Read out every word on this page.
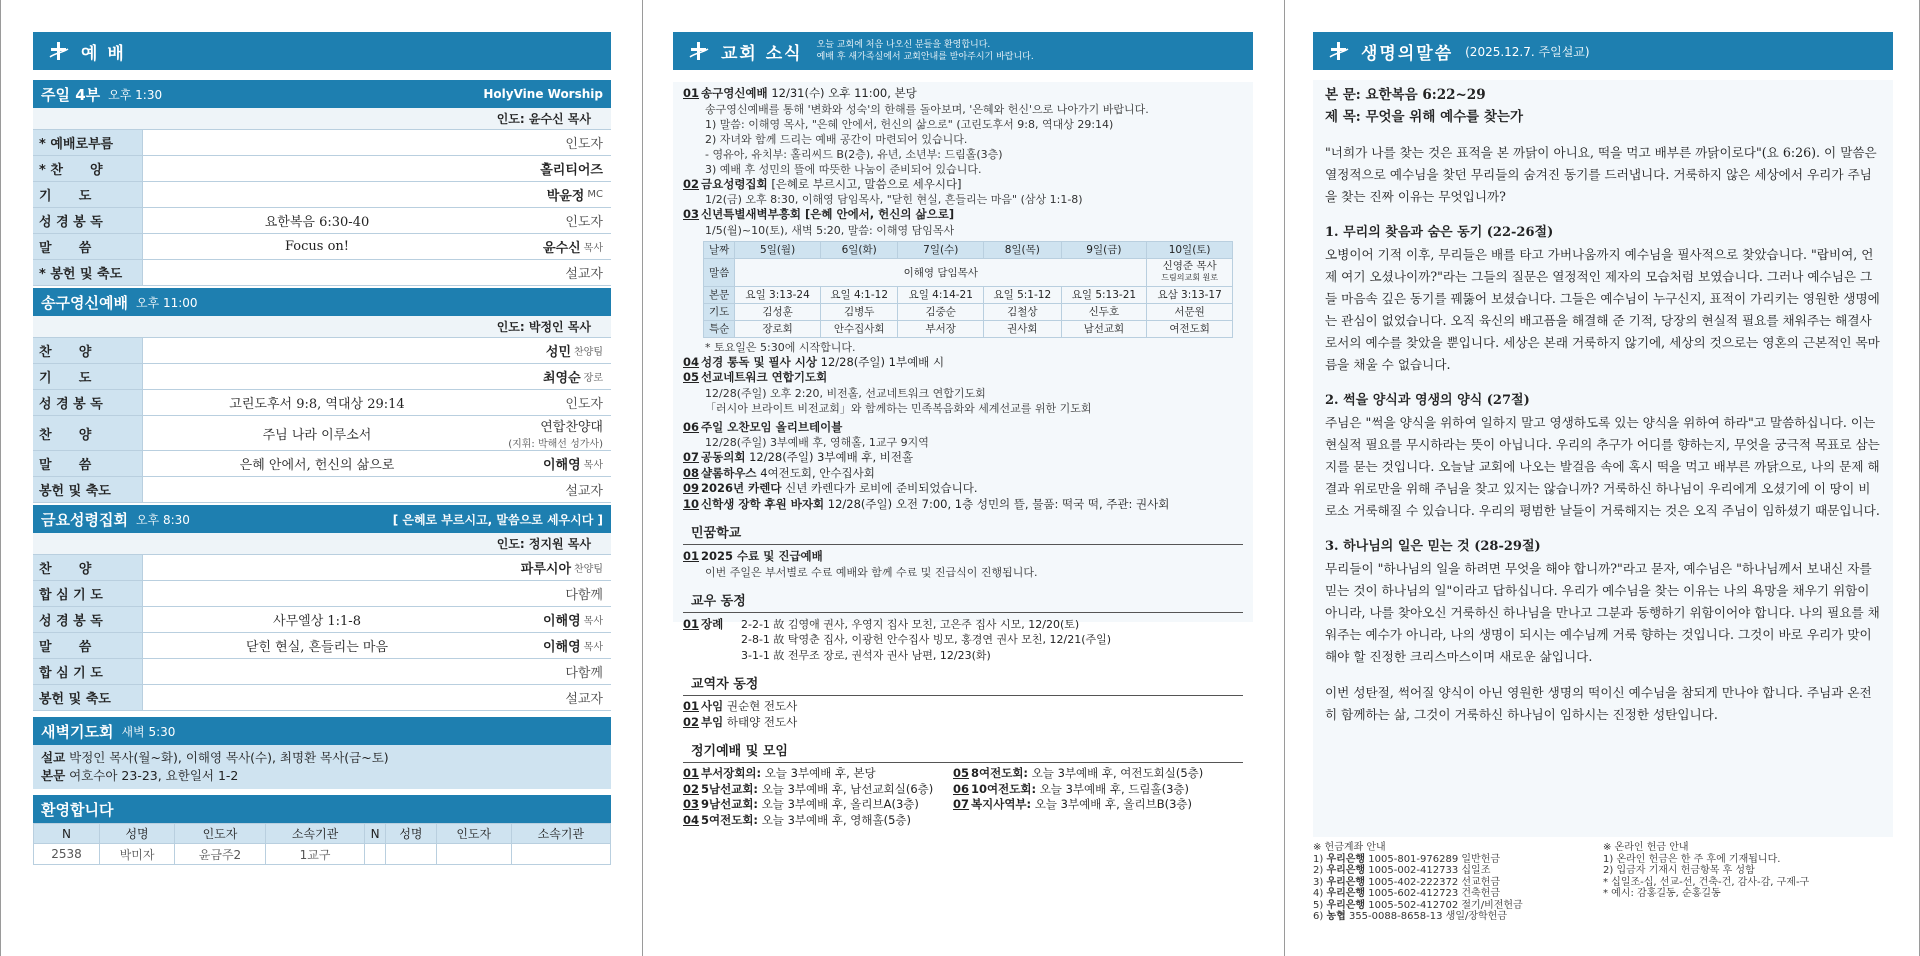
예 배
주일 4부 오후 1:30	HolyVine Worship
인도: 윤수신 목사
* 예배로부름	인도자
* 찬      양	홀리티어즈
기      도	박윤정 MC
성 경 봉 독	요한복음 6:30-40	인도자
말      씀	Focus on!	윤수신 목사
* 봉헌 및 축도	설교자
송구영신예배 오후 11:00
인도: 박정인 목사
찬      양	성민 찬양팀
기      도	최영순 장로
성 경 봉 독	고린도후서 9:8, 역대상 29:14	인도자
찬      양	주님 나라 이루소서	연합찬양대
(지휘: 박해선 성가사)
말      씀	은혜 안에서, 헌신의 삶으로	이해영 목사
봉헌 및 축도	설교자
금요성령집회 오후 8:30	[ 은혜로 부르시고, 말씀으로 세우시다 ]
인도: 정지원 목사
찬      양	파루시아 찬양팀
합 심 기 도	다함께
성 경 봉 독	사무엘상 1:1-8	이해영 목사
말      씀	닫힌 현실, 흔들리는 마음	이해영 목사
합 심 기 도	다함께
봉헌 및 축도	설교자
새벽기도회 새벽 5:30
설교 박정인 목사(월~화), 이해영 목사(수), 최명환 목사(금~토)
본문 여호수아 23-23, 요한일서 1-2
환영합니다
N	성명	인도자	소속기관	N	성명	인도자	소속기관
2538	박미자	윤금주2	1교구				
교회 소식 오늘 교회에 처음 나오신 분들을 환영합니다.
예배 후 새가족실에서 교회안내를 받아주시기 바랍니다.
01 송구영신예배 12/31(수) 오후 11:00, 본당
송구영신예배를 통해 '변화와 성숙'의 한해를 돌아보며, '은혜와 헌신'으로 나아가기 바랍니다.
1) 말씀: 이해영 목사, "은혜 안에서, 헌신의 삶으로" (고린도후서 9:8, 역대상 29:14)
2) 자녀와 함께 드리는 예배 공간이 마련되어 있습니다.
- 영유아, 유치부: 홀리씨드 B(2층), 유년, 소년부: 드림홀(3층)
3) 예배 후 성민의 뜰에 따뜻한 나눔이 준비되어 있습니다.
02 금요성령집회 [은혜로 부르시고, 말씀으로 세우시다]
1/2(금) 오후 8:30, 이해영 담임목사, "닫힌 현실, 흔들리는 마음" (삼상 1:1-8)
03 신년특별새벽부흥회 [은혜 안에서, 헌신의 삶으로]
1/5(월)~10(토), 새벽 5:20, 말씀: 이해영 담임목사
날짜	5일(월)	6일(화)	7일(수)	8일(목)	9일(금)	10일(토)
말씀	이해영 담임목사					신영준 목사
드림의교회 원로

본문	요일 3:13-24	요일 4:1-12	요일 4:14-21	요일 5:1-12	요일 5:13-21	요삼 3:13-17
기도	김성훈	김병두	김중순	김철상	신두호	서문원
특순	장로회	안수집사회	부서장	권사회	남선교회	여전도회
* 토요일은 5:30에 시작합니다.
04 성경 통독 및 필사 시상 12/28(주일) 1부예배 시
05 선교네트워크 연합기도회
12/28(주일) 오후 2:20, 비전홀, 선교네트워크 연합기도회
「러시아 브라이트 비전교회」와 함께하는 민족복음화와 세계선교를 위한 기도회
06 주일 오찬모임 올리브테이블
12/28(주일) 3부예배 후, 영해홀, 1교구 9지역
07 공동의회 12/28(주일) 3부예배 후, 비전홀
08 샬롬하우스 4여전도회, 안수집사회
09 2026년 카렌다 신년 카렌다가 로비에 준비되었습니다.
10 신학생 장학 후원 바자회 12/28(주일) 오전 7:00, 1층 성민의 뜰, 물품: 떡국 떡, 주관: 권사회
민꿈학교
01 2025 수료 및 진급예배
이번 주일은 부서별로 수료 예배와 함께 수료 및 진급식이 진행됩니다.
교우 동정
01 장례	2-2-1 故 김영애 권사, 우영지 집사 모친, 고은주 집사 시모, 12/20(토)
2-8-1 故 탁영춘 집사, 이광헌 안수집사 빙모, 홍경연 권사 모친, 12/21(주일)
3-1-1 故 전무조 장로, 권석자 권사 남편, 12/23(화)
교역자 동정
01 사임 권순현 전도사
02 부임 하태양 전도사
정기예배 및 모임
01 부서장회의: 오늘 3부예배 후, 본당
02 5남선교회: 오늘 3부예배 후, 남선교회실(6층)
03 9남선교회: 오늘 3부예배 후, 올리브A(3층)
04 5여전도회: 오늘 3부예배 후, 영해홀(5층)
05 8여전도회: 오늘 3부예배 후, 여전도회실(5층)
06 10여전도회: 오늘 3부예배 후, 드림홀(3층)
07 복지사역부: 오늘 3부예배 후, 올리브B(3층)
생명의말씀 (2025.12.7. 주일설교)

본 문: 요한복음 6:22~29

제 목: 무엇을 위해 예수를 찾는가

"너희가 나를 찾는 것은 표적을 본 까닭이 아니요, 떡을 먹고 배부른 까닭이로다"(요 6:26). 이 말씀은 열정적으로 예수님을 찾던 무리들의 숨겨진 동기를 드러냅니다. 거룩하지 않은 세상에서 우리가 주님을 찾는 진짜 이유는 무엇입니까?

1. 무리의 찾음과 숨은 동기 (22-26절)

오병이어 기적 이후, 무리들은 배를 타고 가버나움까지 예수님을 필사적으로 찾았습니다. "랍비여, 언제 여기 오셨나이까?"라는 그들의 질문은 열정적인 제자의 모습처럼 보였습니다. 그러나 예수님은 그들 마음속 깊은 동기를 꿰뚫어 보셨습니다. 그들은 예수님이 누구신지, 표적이 가리키는 영원한 생명에는 관심이 없었습니다. 오직 육신의 배고픔을 해결해 준 기적, 당장의 현실적 필요를 채워주는 해결사로서의 예수를 찾았을 뿐입니다. 세상은 본래 거룩하지 않기에, 세상의 것으로는 영혼의 근본적인 목마름을 채울 수 없습니다.

2. 썩을 양식과 영생의 양식 (27절)

주님은 "썩을 양식을 위하여 일하지 말고 영생하도록 있는 양식을 위하여 하라"고 말씀하십니다. 이는 현실적 필요를 무시하라는 뜻이 아닙니다. 우리의 추구가 어디를 향하는지, 무엇을 궁극적 목표로 삼는지를 묻는 것입니다. 오늘날 교회에 나오는 발걸음 속에 혹시 떡을 먹고 배부른 까닭으로, 나의 문제 해결과 위로만을 위해 주님을 찾고 있지는 않습니까? 거룩하신 하나님이 우리에게 오셨기에 이 땅이 비로소 거룩해질 수 있습니다. 우리의 평범한 날들이 거룩해지는 것은 오직 주님이 임하셨기 때문입니다.

3. 하나님의 일은 믿는 것 (28-29절)

무리들이 "하나님의 일을 하려면 무엇을 해야 합니까?"라고 묻자, 예수님은 "하나님께서 보내신 자를 믿는 것이 하나님의 일"이라고 답하십니다. 우리가 예수님을 찾는 이유는 나의 욕망을 채우기 위함이 아니라, 나를 찾아오신 거룩하신 하나님을 만나고 그분과 동행하기 위함이어야 합니다. 나의 필요를 채워주는 예수가 아니라, 나의 생명이 되시는 예수님께 거룩 향하는 것입니다. 그것이 바로 우리가 맞이해야 할 진정한 크리스마스이며 새로운 삶입니다.

이번 성탄절, 썩어질 양식이 아닌 영원한 생명의 떡이신 예수님을 참되게 만나야 합니다. 주님과 온전히 함께하는 삶, 그것이 거룩하신 하나님이 임하시는 진정한 성탄입니다.

※ 헌금계좌 안내
1) 우리은행 1005-801-976289 일반헌금
2) 우리은행 1005-002-412733 십일조
3) 우리은행 1005-402-222372 선교헌금
4) 우리은행 1005-602-412723 건축헌금
5) 우리은행 1005-502-412702 절기/비전헌금
6) 농협 355-0088-8658-13 생일/장학헌금
※ 온라인 헌금 안내
1) 온라인 헌금은 한 주 후에 기재됩니다.
2) 입금자 기재시 헌금항목 후 성함
* 십일조-십, 선교-선, 건축-건, 감사-감, 구제-구
* 예시: 감홍길동, 순홍길동
